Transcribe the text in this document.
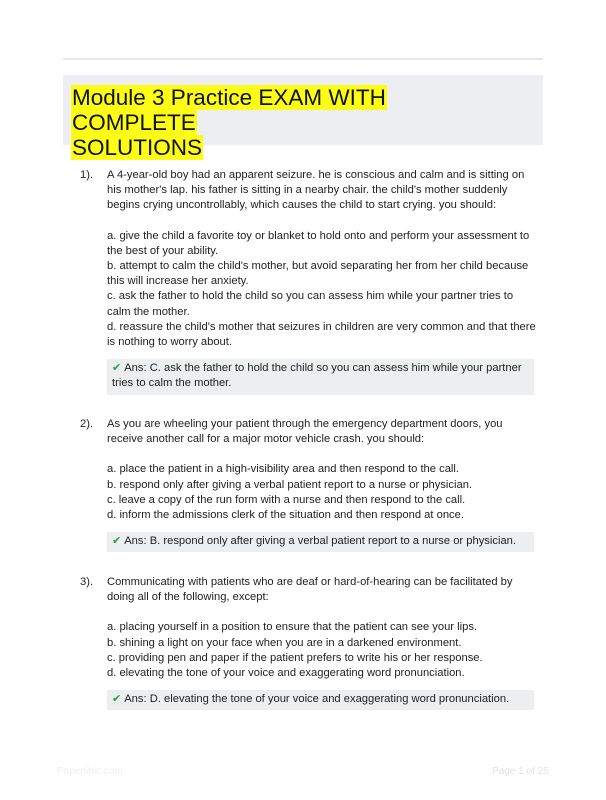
Module 3 Practice EXAM WITH COMPLETE
SOLUTIONS
1).	A 4-year-old boy had an apparent seizure. he is conscious and calm and is sitting on his mother's lap. his father is sitting in a nearby chair. the child's mother suddenly begins crying uncontrollably, which causes the child to start crying. you should:

a. give the child a favorite toy or blanket to hold onto and perform your assessment to the best of your ability.

b. attempt to calm the child's mother, but avoid separating her from her child because this will increase her anxiety.

c. ask the father to hold the child so you can assess him while your partner tries to calm the mother.

d. reassure the child's mother that seizures in children are very common and that there is nothing to worry about.

✔ Ans: C. ask the father to hold the child so you can assess him while your partner tries to calm the mother.
2).	As you are wheeling your patient through the emergency department doors, you receive another call for a major motor vehicle crash. you should:

a. place the patient in a high-visibility area and then respond to the call.

b. respond only after giving a verbal patient report to a nurse or physician.

c. leave a copy of the run form with a nurse and then respond to the call.

d. inform the admissions clerk of the situation and then respond at once.

✔ Ans: B. respond only after giving a verbal patient report to a nurse or physician.
3).	Communicating with patients who are deaf or hard-of-hearing can be facilitated by doing all of the following, except:

a. placing yourself in a position to ensure that the patient can see your lips.

b. shining a light on your face when you are in a darkened environment.

c. providing pen and paper if the patient prefers to write his or her response.

d. elevating the tone of your voice and exaggerating word pronunciation.

✔ Ans: D. elevating the tone of your voice and exaggerating word pronunciation.
Paperlibic.com	Page 1 of 25
